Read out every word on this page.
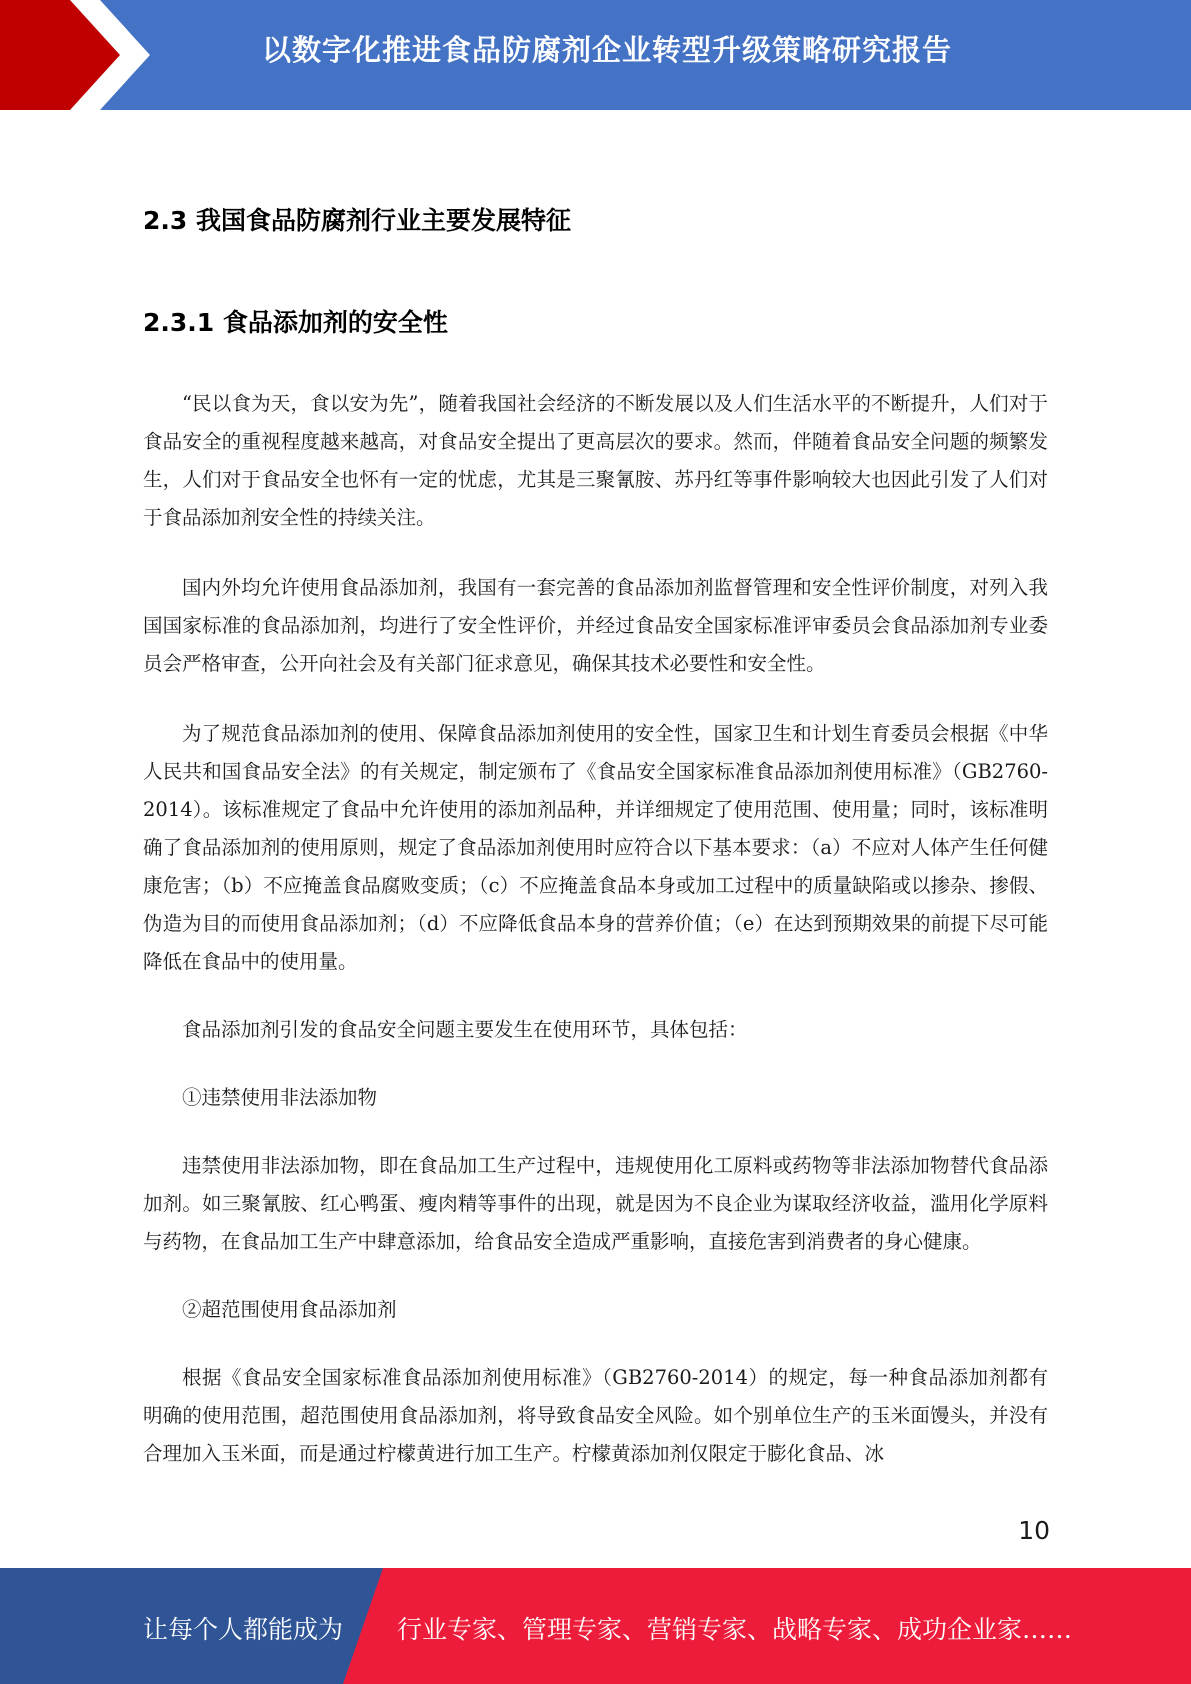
以数字化推进食品防腐剂企业转型升级策略研究报告
2.3 我国食品防腐剂行业主要发展特征
2.3.1 食品添加剂的安全性

“民以食为天，食以安为先”，随着我国社会经济的不断发展以及人们生活水平的不断提升，人们对于食品安全的重视程度越来越高，对食品安全提出了更高层次的要求。然而，伴随着食品安全问题的频繁发生，人们对于食品安全也怀有一定的忧虑，尤其是三聚氰胺、苏丹红等事件影响较大也因此引发了人们对于食品添加剂安全性的持续关注。

国内外均允许使用食品添加剂，我国有一套完善的食品添加剂监督管理和安全性评价制度，对列入我国国家标准的食品添加剂，均进行了安全性评价，并经过食品安全国家标准评审委员会食品添加剂专业委员会严格审查，公开向社会及有关部门征求意见，确保其技术必要性和安全性。

为了规范食品添加剂的使用、保障食品添加剂使用的安全性，国家卫生和计划生育委员会根据《中华人民共和国食品安全法》的有关规定，制定颁布了《食品安全国家标准食品添加剂使用标准》（GB2760-2014）。该标准规定了食品中允许使用的添加剂品种，并详细规定了使用范围、使用量；同时，该标准明确了食品添加剂的使用原则，规定了食品添加剂使用时应符合以下基本要求：（a）不应对人体产生任何健康危害；（b）不应掩盖食品腐败变质；（c）不应掩盖食品本身或加工过程中的质量缺陷或以掺杂、掺假、伪造为目的而使用食品添加剂；（d）不应降低食品本身的营养价值；（e）在达到预期效果的前提下尽可能降低在食品中的使用量。

食品添加剂引发的食品安全问题主要发生在使用环节，具体包括：

①违禁使用非法添加物

违禁使用非法添加物，即在食品加工生产过程中，违规使用化工原料或药物等非法添加物替代食品添加剂。如三聚氰胺、红心鸭蛋、瘦肉精等事件的出现，就是因为不良企业为谋取经济收益，滥用化学原料与药物，在食品加工生产中肆意添加，给食品安全造成严重影响，直接危害到消费者的身心健康。

②超范围使用食品添加剂

根据《食品安全国家标准食品添加剂使用标准》（GB2760-2014）的规定，每一种食品添加剂都有明确的使用范围，超范围使用食品添加剂，将导致食品安全风险。如个别单位生产的玉米面馒头，并没有合理加入玉米面，而是通过柠檬黄进行加工生产。柠檬黄添加剂仅限定于膨化食品、冰

10
让每个人都能成为 行业专家、管理专家、营销专家、战略专家、成功企业家……
